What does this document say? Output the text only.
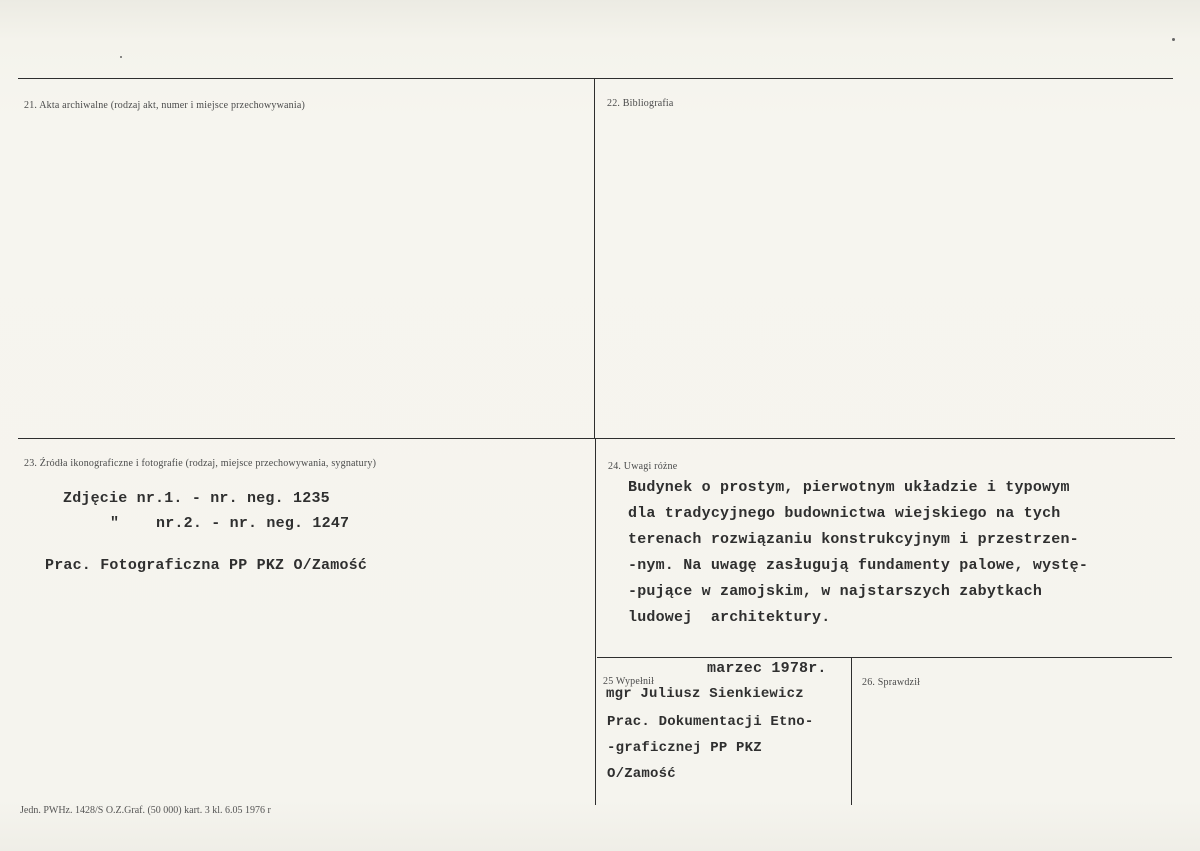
21. Akta archiwalne (rodzaj akt, numer i miejsce przechowywania)	22. Bibliografia
23. Źródła ikonograficzne i fotografie (rodzaj, miejsce przechowywania, sygnatury)
Zdjęcie nr.1. - nr. neg. 1235
"    nr.2. - nr. neg. 1247
Prac. Fotograficzna PP PKZ O/Zamość
24. Uwagi różne
Budynek o prostym, pierwotnym układzie i typowym
dla tradycyjnego budownictwa wiejskiego na tych
terenach rozwiązaniu konstrukcyjnym i przestrzen-
-nym. Na uwagę zasługują fundamenty palowe, wystę-
-pujące w zamojskim, w najstarszych zabytkach
ludowej  architektury.
25 Wypełnił
marzec 1978r.
mgr Juliusz Sienkiewicz
Prac. Dokumentacji Etno-
-graficznej PP PKZ
O/Zamość
26. Sprawdził
Jedn. PWHz. 1428/S O.Z.Graf. (50 000) kart. 3 kl. 6.05 1976 r
